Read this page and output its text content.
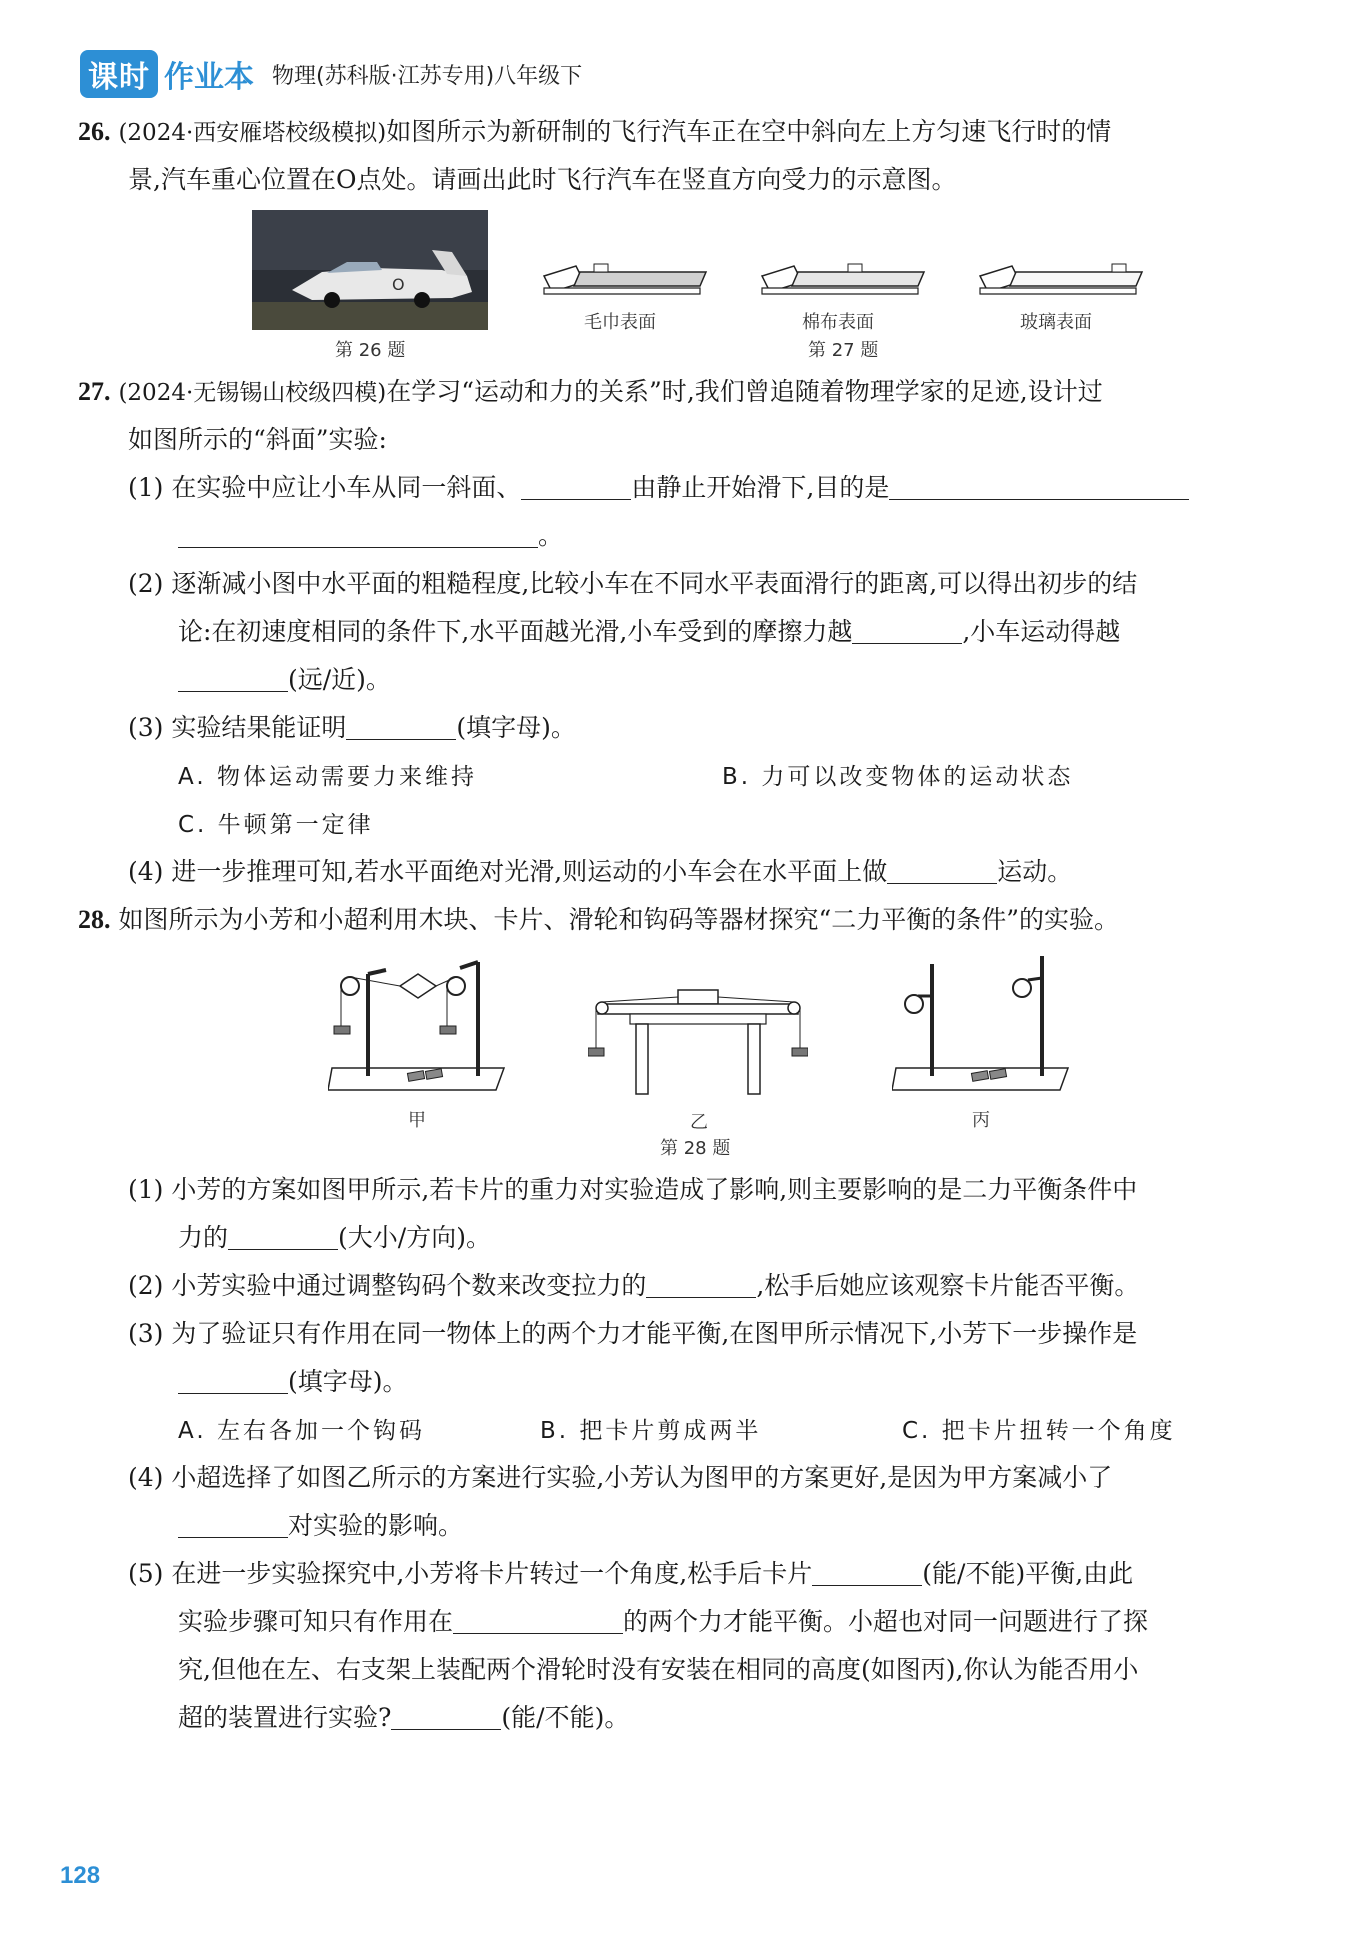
课时 作业本 物理(苏科版·江苏专用)八年级下
26. (2024·西安雁塔校级模拟)如图所示为新研制的飞行汽车正在空中斜向左上方匀速飞行时的情
景,汽车重心位置在O点处。请画出此时飞行汽车在竖直方向受力的示意图。
O
第 26 题
毛巾表面	棉布表面	玻璃表面
第 27 题
27. (2024·无锡锡山校级四模)在学习“运动和力的关系”时,我们曾追随着物理学家的足迹,设计过
如图所示的“斜面”实验:
(1) 在实验中应让小车从同一斜面、	由静止开始滑下,目的是
。
(2) 逐渐减小图中水平面的粗糙程度,比较小车在不同水平表面滑行的距离,可以得出初步的结
论:在初速度相同的条件下,水平面越光滑,小车受到的摩擦力越	,小车运动得越
(远/近)。
(3) 实验结果能证明	(填字母)。
A. 物体运动需要力来维持	B. 力可以改变物体的运动状态
C. 牛顿第一定律
(4) 进一步推理可知,若水平面绝对光滑,则运动的小车会在水平面上做	运动。
28. 如图所示为小芳和小超利用木块、卡片、滑轮和钩码等器材探究“二力平衡的条件”的实验。
甲	乙	丙
第 28 题
(1) 小芳的方案如图甲所示,若卡片的重力对实验造成了影响,则主要影响的是二力平衡条件中
力的	(大小/方向)。
(2) 小芳实验中通过调整钩码个数来改变拉力的	,松手后她应该观察卡片能否平衡。
(3) 为了验证只有作用在同一物体上的两个力才能平衡,在图甲所示情况下,小芳下一步操作是
(填字母)。
A. 左右各加一个钩码	B. 把卡片剪成两半	C. 把卡片扭转一个角度
(4) 小超选择了如图乙所示的方案进行实验,小芳认为图甲的方案更好,是因为甲方案减小了
对实验的影响。
(5) 在进一步实验探究中,小芳将卡片转过一个角度,松手后卡片	(能/不能)平衡,由此
实验步骤可知只有作用在	的两个力才能平衡。小超也对同一问题进行了探
究,但他在左、右支架上装配两个滑轮时没有安装在相同的高度(如图丙),你认为能否用小
超的装置进行实验?	(能/不能)。
128
